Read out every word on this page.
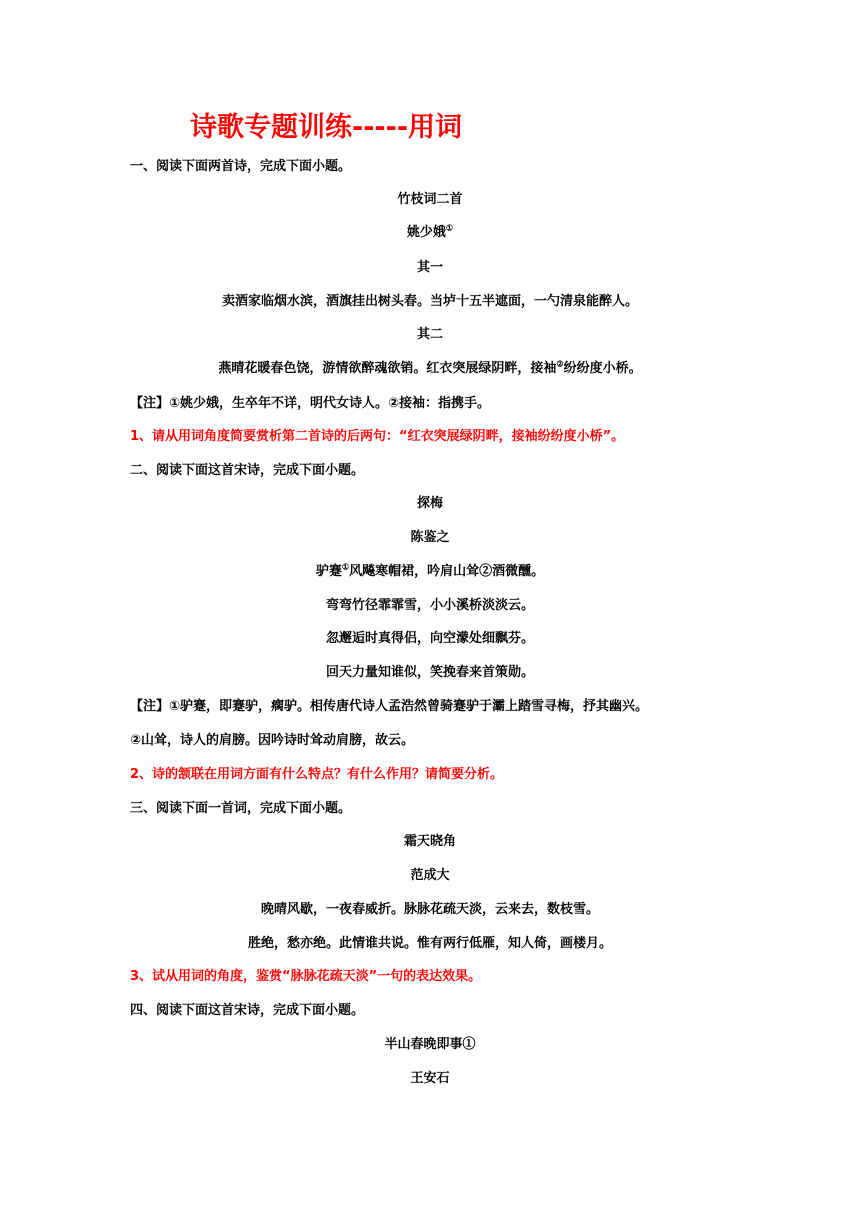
诗歌专题训练-----用词
一、阅读下面两首诗，完成下面小题。
竹枝词二首
姚少娥①
其一
卖酒家临烟水滨，酒旗挂出树头春。当垆十五半遮面，一勺清泉能醉人。
其二
燕晴花暖春色饶，游情欲醉魂欲销。红衣突展绿阴畔，接袖②纷纷度小桥。
【注】①姚少娥，生卒年不详，明代女诗人。②接袖：指携手。
1、请从用词角度简要赏析第二首诗的后两句：“红衣突展绿阴畔，接袖纷纷度小桥”。
二、阅读下面这首宋诗，完成下面小题。
探梅
陈鉴之
驴蹇①风飚寒帽裙，吟肩山耸②酒微醺。
弯弯竹径霏霏雪，小小溪桥淡淡云。
忽邂逅时真得侣，向空濛处细飘芬。
回天力量知谁似，笑挽春来首策勋。
【注】①驴蹇，即蹇驴，瘸驴。相传唐代诗人孟浩然曾骑蹇驴于灞上踏雪寻梅，抒其幽兴。
②山耸，诗人的肩膀。因吟诗时耸动肩膀，故云。
2、诗的颔联在用词方面有什么特点？有什么作用？请简要分析。
三、阅读下面一首词，完成下面小题。
霜天晓角
范成大
晚晴风歇，一夜春威折。脉脉花疏天淡，云来去，数枝雪。
胜绝，愁亦绝。此情谁共说。惟有两行低雁，知人倚，画楼月。
3、试从用词的角度，鉴赏“脉脉花疏天淡”一句的表达效果。
四、阅读下面这首宋诗，完成下面小题。
半山春晚即事①
王安石
